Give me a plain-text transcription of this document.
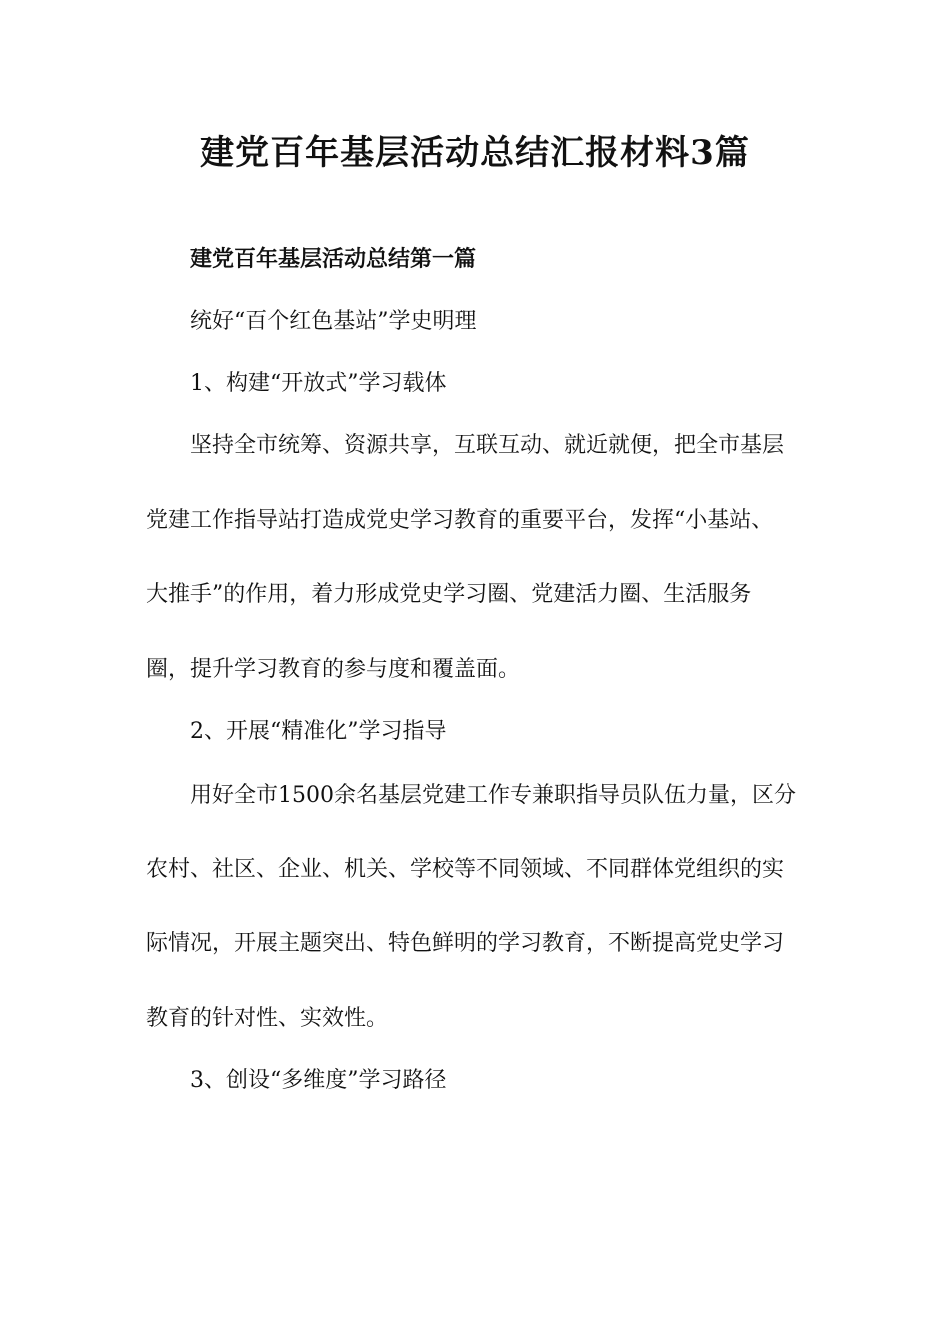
建党百年基层活动总结汇报材料3篇
建党百年基层活动总结第一篇
统好“百个红色基站”学史明理
1、构建“开放式”学习载体
坚持全市统筹、资源共享，互联互动、就近就便，把全市基层
党建工作指导站打造成党史学习教育的重要平台，发挥“小基站、
大推手”的作用，着力形成党史学习圈、党建活力圈、生活服务
圈，提升学习教育的参与度和覆盖面。
2、开展“精准化”学习指导
用好全市1500余名基层党建工作专兼职指导员队伍力量，区分
农村、社区、企业、机关、学校等不同领域、不同群体党组织的实
际情况，开展主题突出、特色鲜明的学习教育，不断提高党史学习
教育的针对性、实效性。
3、创设“多维度”学习路径
